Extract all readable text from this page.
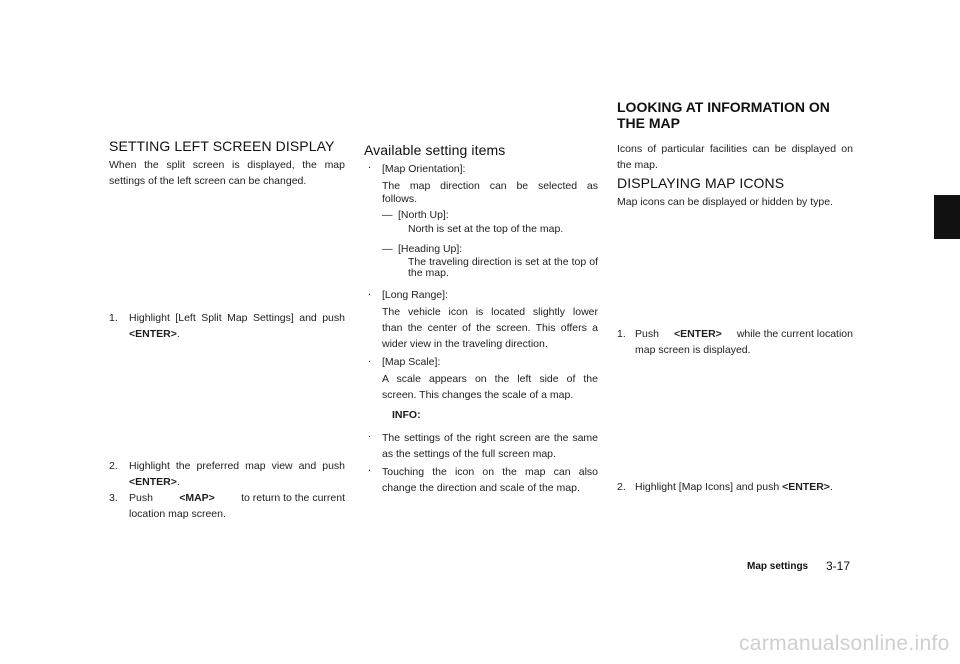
SETTING LEFT SCREEN DISPLAY
When the split screen is displayed, the map
settings of the left screen can be changed.
1. Highlight [Left Split Map Settings] and push
<ENTER>.
2. Highlight the preferred map view and push
<ENTER>.
3. Push	<MAP>	to return to the current
location map screen.
Available setting items
. [Map Orientation]:
The map direction can be selected as
follows.
— [North Up]:
North is set at the top of the map.
— [Heading Up]:
The traveling direction is set at the top of
the map.
. [Long Range]:
The vehicle icon is located slightly lower
than the center of the screen. This offers a
wider view in the traveling direction.
. [Map Scale]:
A scale appears on the left side of the
screen. This changes the scale of a map.
INFO:
. The settings of the right screen are the same
as the settings of the full screen map.
. Touching the icon on the map can also
change the direction and scale of the map.
LOOKING AT INFORMATION ON
THE MAP
Icons of particular facilities can be displayed on
the map.
DISPLAYING MAP ICONS
Map icons can be displayed or hidden by type.
1. Push <ENTER> while the current location
map screen is displayed.
2. Highlight [Map Icons] and push <ENTER>.
Map settings 3-17
carmanualsonline.info
